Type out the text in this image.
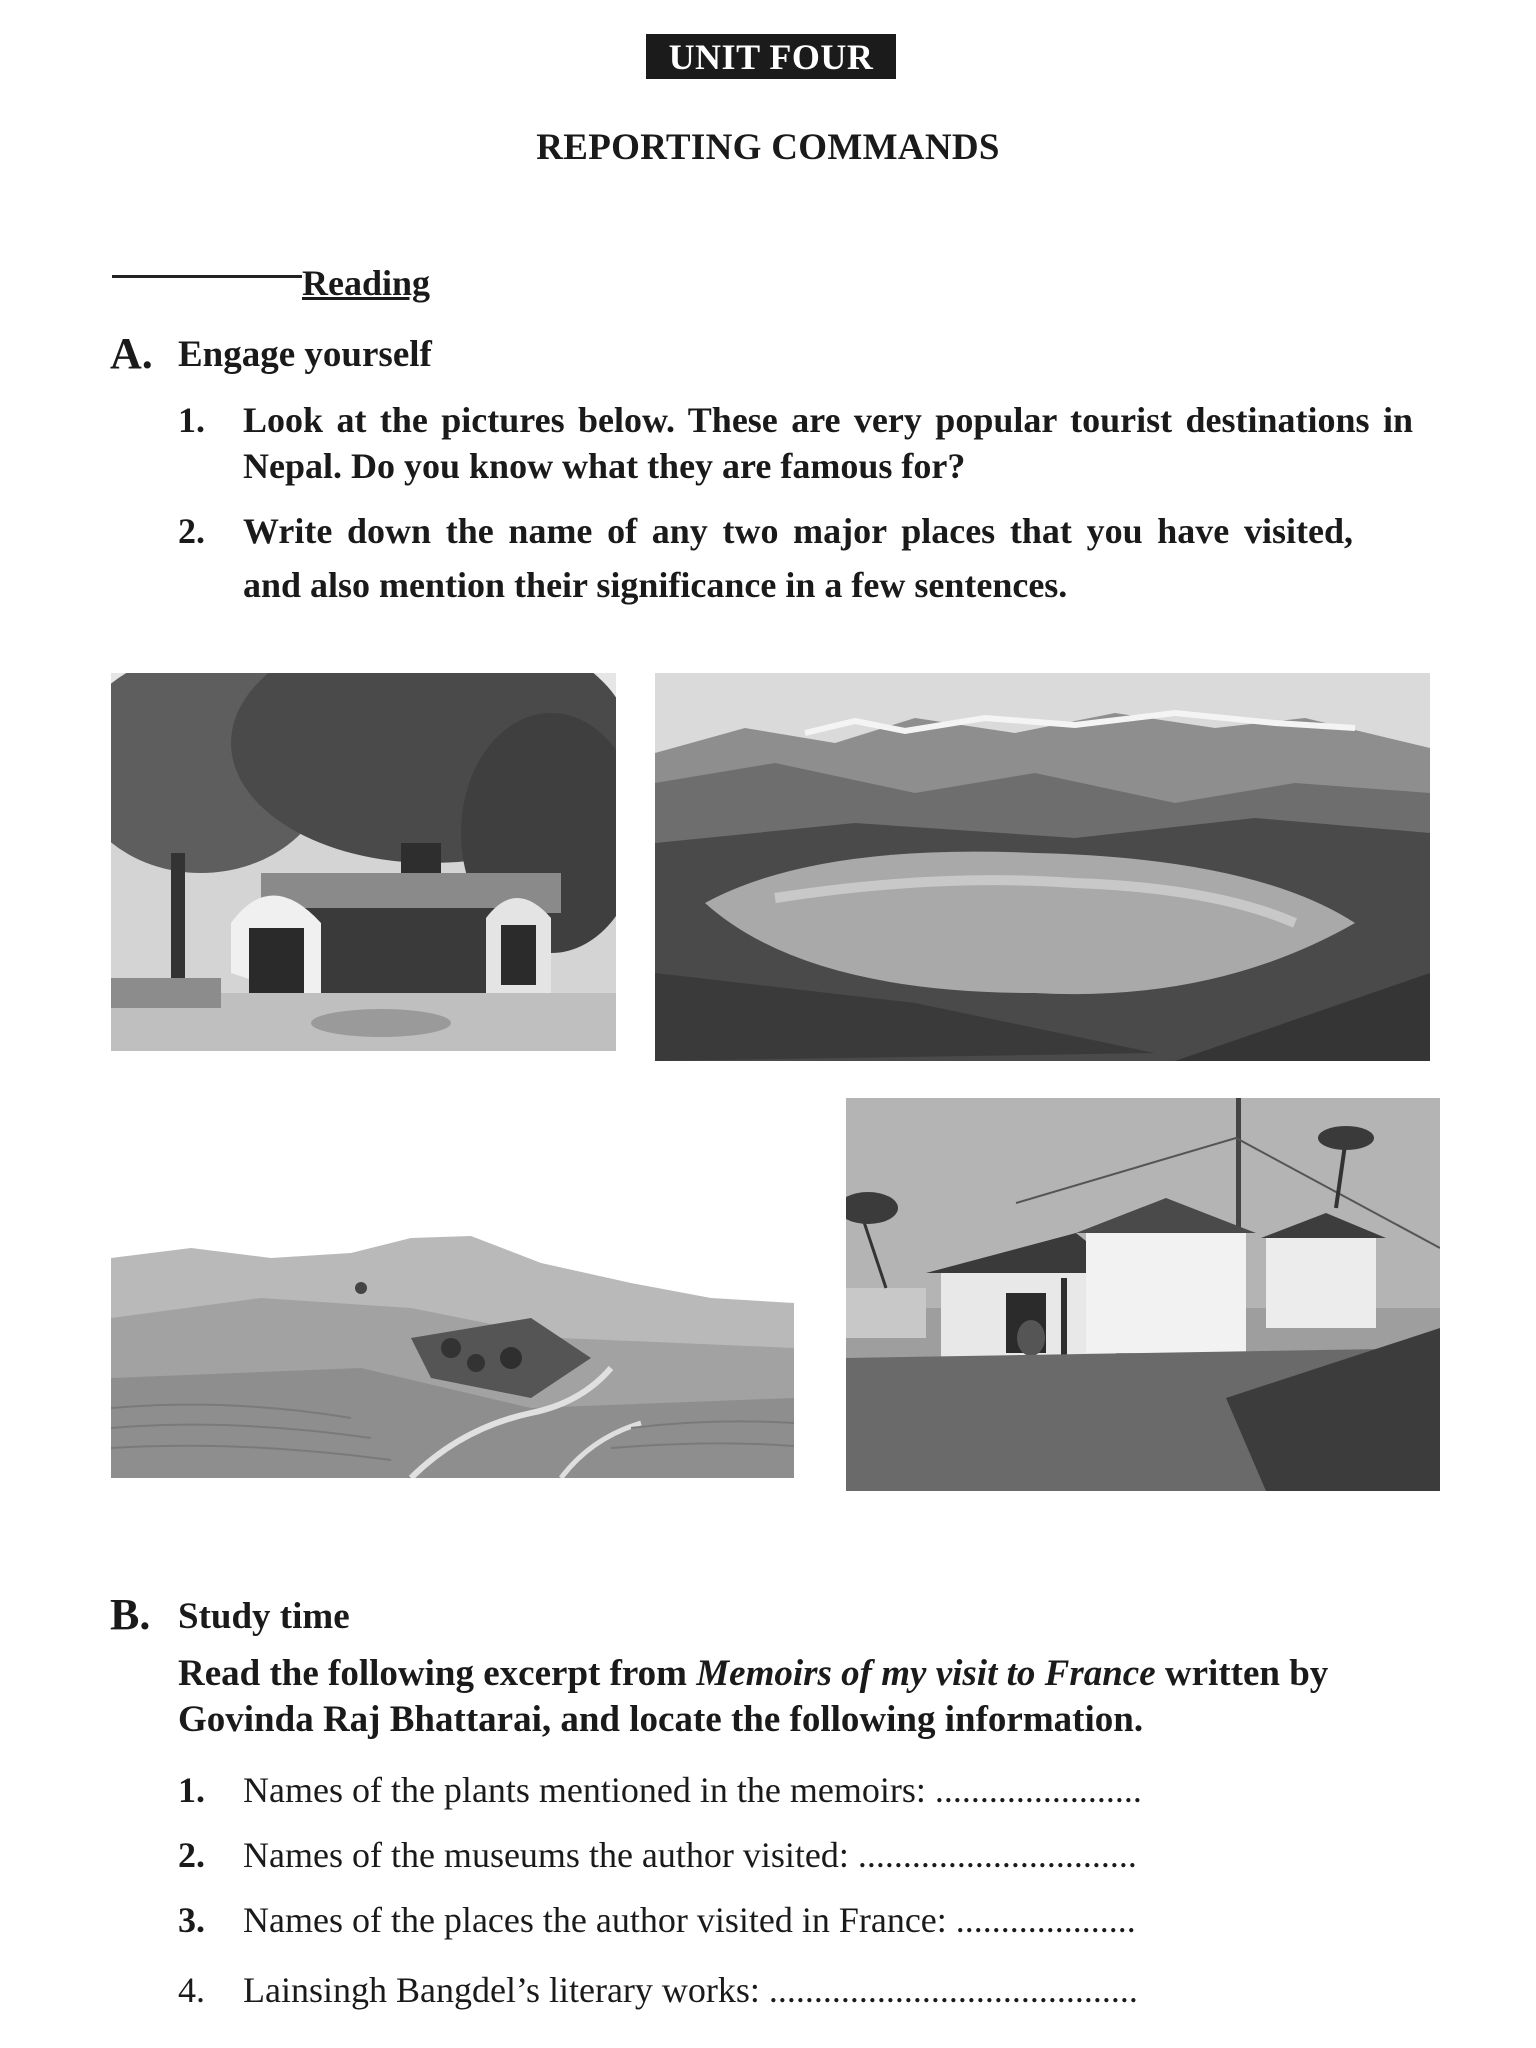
UNIT FOUR
REPORTING COMMANDS
Reading
A. Engage yourself
1. Look at the pictures below. These are very popular tourist destinations in
Nepal. Do you know what they are famous for?
2. Write down the name of any two major places that you have visited,
and also mention their significance in a few sentences.
B. Study time
Read the following excerpt from Memoirs of my visit to France written by
Govinda Raj Bhattarai, and locate the following information.
1. Names of the plants mentioned in the memoirs: .......................
2. Names of the museums the author visited: ...............................
3. Names of the places the author visited in France: ....................
4. Lainsingh Bangdel’s literary works: .........................................
